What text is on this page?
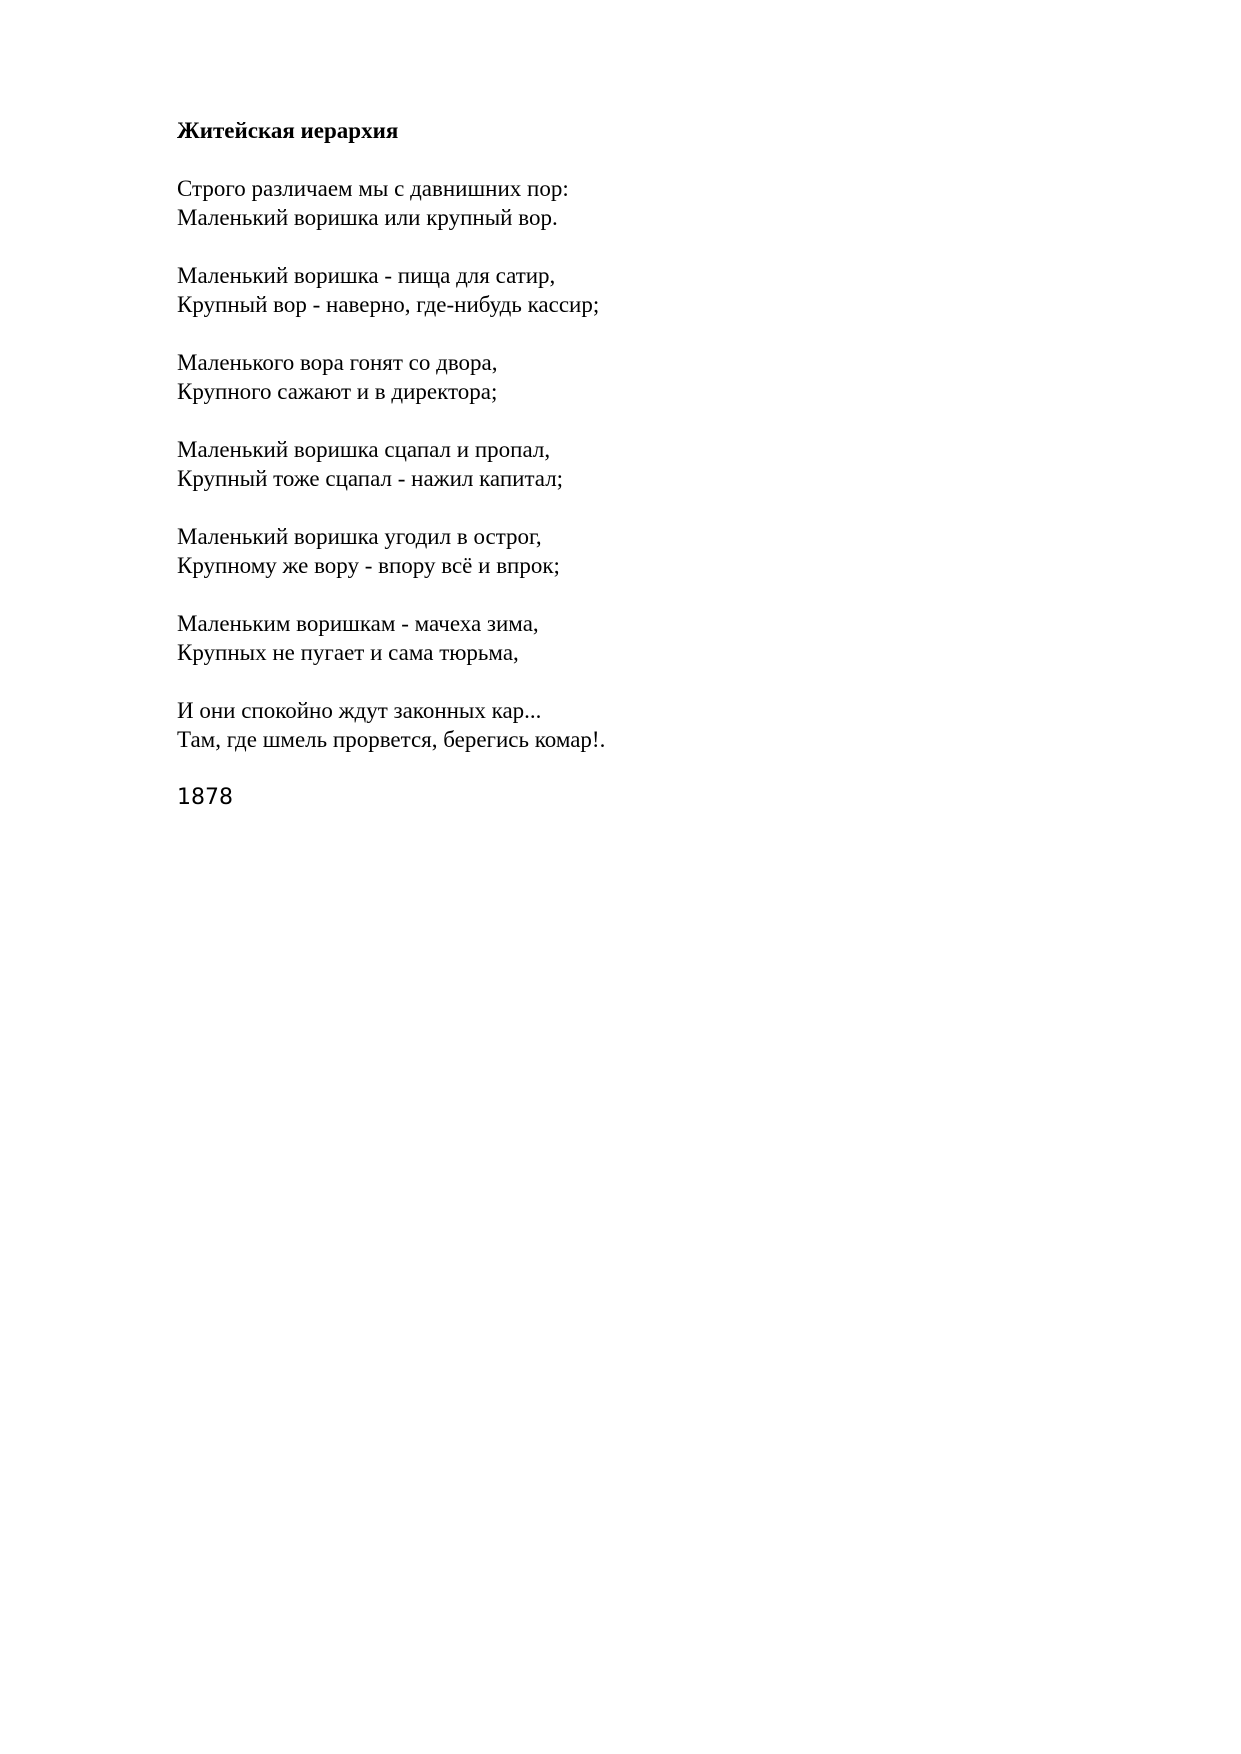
Житейская иерархия
Строго различаем мы с давнишних пор:
Маленький воришка или крупный вор.
Маленький воришка - пища для сатир,
Крупный вор - наверно, где-нибудь кассир;
Маленького вора гонят со двора,
Крупного сажают и в директора;
Маленький воришка сцапал и пропал,
Крупный тоже сцапал - нажил капитал;
Маленький воришка угодил в острог,
Крупному же вору - впору всё и впрок;
Маленьким воришкам - мачеха зима,
Крупных не пугает и сама тюрьма,
И они спокойно ждут законных кар...
Там, где шмель прорвется, берегись комар!.
1878
